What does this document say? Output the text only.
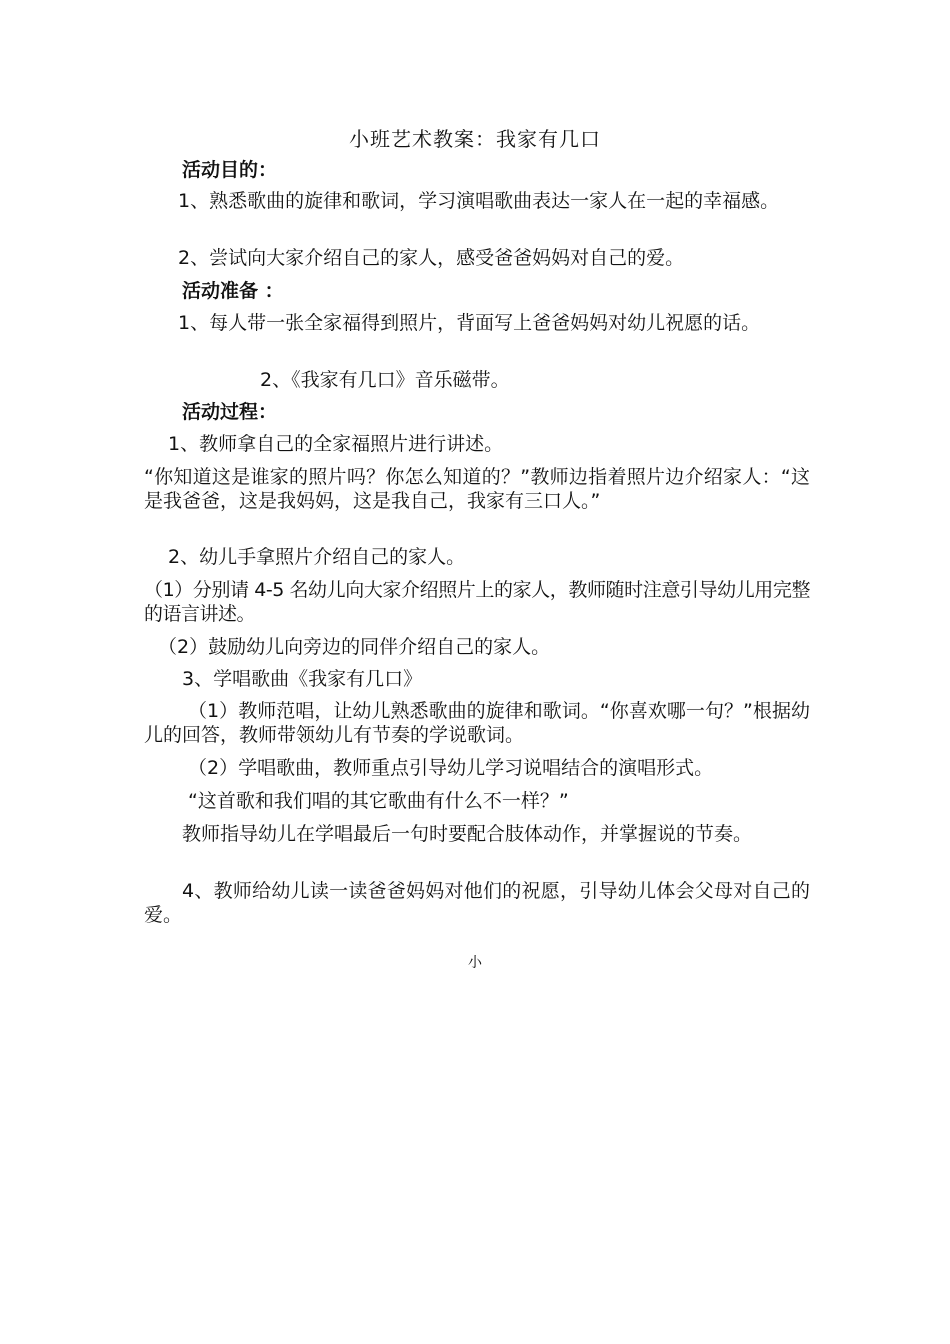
小班艺术教案：我家有几口
活动目的：

1、熟悉歌曲的旋律和歌词，学习演唱歌曲表达一家人在一起的幸福感。

2、尝试向大家介绍自己的家人，感受爸爸妈妈对自己的爱。

活动准备 ：

1、每人带一张全家福得到照片，背面写上爸爸妈妈对幼儿祝愿的话。

2、《我家有几口》音乐磁带。

活动过程：

1、教师拿自己的全家福照片进行讲述。

“你知道这是谁家的照片吗？你怎么知道的？”教师边指着照片边介绍家人：“这是我爸爸，这是我妈妈，这是我自己，我家有三口人。”

2、幼儿手拿照片介绍自己的家人。

（1）分别请 4-5 名幼儿向大家介绍照片上的家人，教师随时注意引导幼儿用完整的语言讲述。

（2）鼓励幼儿向旁边的同伴介绍自己的家人。

3、学唱歌曲《我家有几口》

（1）教师范唱，让幼儿熟悉歌曲的旋律和歌词。“你喜欢哪一句？”根据幼儿的回答，教师带领幼儿有节奏的学说歌词。

（2）学唱歌曲，教师重点引导幼儿学习说唱结合的演唱形式。

“这首歌和我们唱的其它歌曲有什么不一样？”

教师指导幼儿在学唱最后一句时要配合肢体动作，并掌握说的节奏。

4、教师给幼儿读一读爸爸妈妈对他们的祝愿，引导幼儿体会父母对自己的爱。

小
